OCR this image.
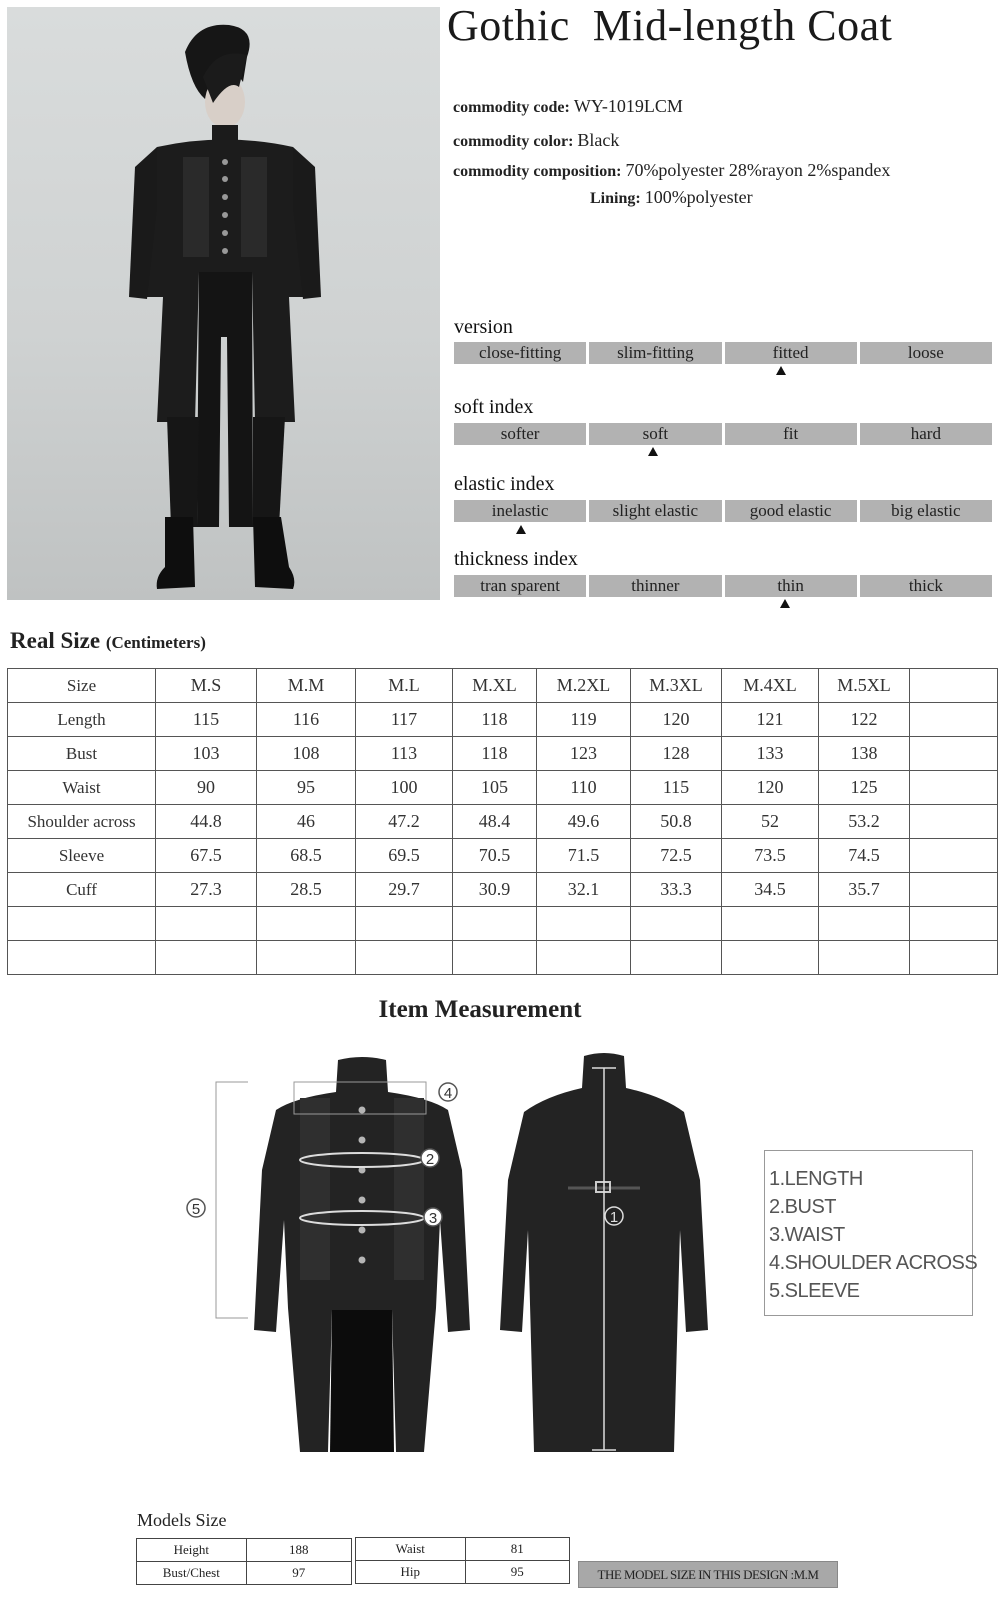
Gothic  Mid-length Coat
commodity code: WY-1019LCM
commodity color: Black
commodity composition: 70%polyester 28%rayon 2%spandex
Lining: 100%polyester
version
close-fitting	slim-fitting	fitted	loose
soft index
softer	soft	fit	hard
elastic index
inelastic	slight elastic	good elastic	big elastic
thickness index
tran sparent	thinner	thin	thick
Real Size (Centimeters)
Size	M.S	M.M	M.L	M.XL	M.2XL	M.3XL	M.4XL	M.5XL	
Length	115	116	117	118	119	120	121	122	
Bust	103	108	113	118	123	128	133	138	
Waist	90	95	100	105	110	115	120	125	
Shoulder across	44.8	46	47.2	48.4	49.6	50.8	52	53.2	
Sleeve	67.5	68.5	69.5	70.5	71.5	72.5	73.5	74.5	
Cuff	27.3	28.5	29.7	30.9	32.1	33.3	34.5	35.7	

Item Measurement
1
2
3
4
5
1.LENGTH
2.BUST
3.WAIST
4.SHOULDER ACROSS
5.SLEEVE
Models Size
Height	188
Bust/Chest	97
Waist	81
Hip	95	THE MODEL SIZE IN THIS DESIGN :M.M
